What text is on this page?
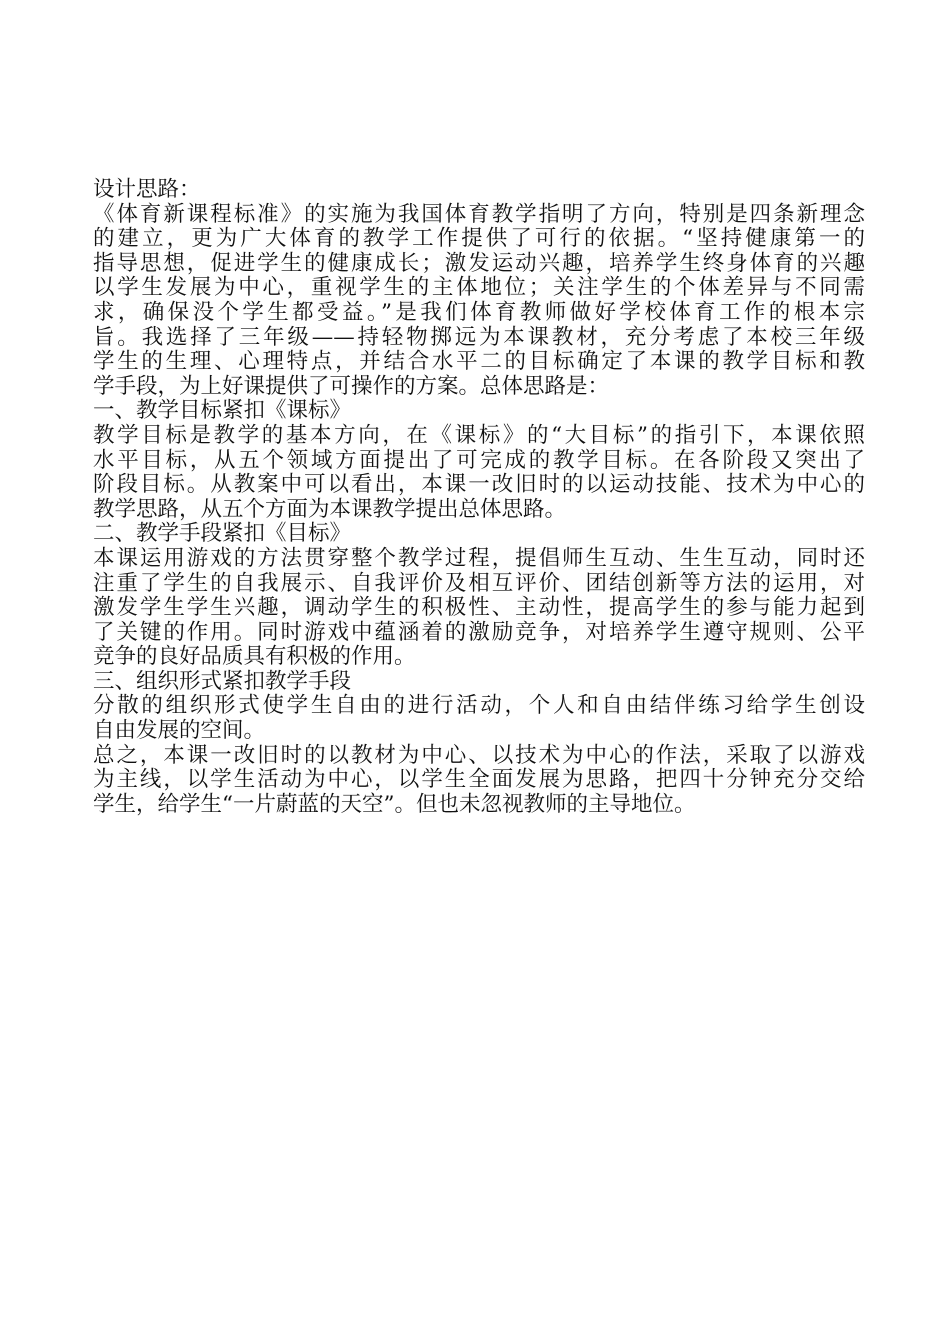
设计思路：
《体育新课程标准》的实施为我国体育教学指明了方向，特别是四条新理念
的建立，更为广大体育的教学工作提供了可行的依据。“坚持健康第一的
指导思想，促进学生的健康成长；激发运动兴趣，培养学生终身体育的兴趣
以学生发展为中心，重视学生的主体地位；关注学生的个体差异与不同需
求，确保没个学生都受益。”是我们体育教师做好学校体育工作的根本宗
旨。我选择了三年级——持轻物掷远为本课教材，充分考虑了本校三年级
学生的生理、心理特点，并结合水平二的目标确定了本课的教学目标和教
学手段，为上好课提供了可操作的方案。总体思路是：
一、教学目标紧扣《课标》
教学目标是教学的基本方向，在《课标》的“大目标”的指引下，本课依照
水平目标，从五个领域方面提出了可完成的教学目标。在各阶段又突出了
阶段目标。从教案中可以看出，本课一改旧时的以运动技能、技术为中心的
教学思路，从五个方面为本课教学提出总体思路。
二、教学手段紧扣《目标》
本课运用游戏的方法贯穿整个教学过程，提倡师生互动、生生互动，同时还
注重了学生的自我展示、自我评价及相互评价、团结创新等方法的运用，对
激发学生学生兴趣，调动学生的积极性、主动性，提高学生的参与能力起到
了关键的作用。同时游戏中蕴涵着的激励竞争，对培养学生遵守规则、公平
竞争的良好品质具有积极的作用。
三、组织形式紧扣教学手段
分散的组织形式使学生自由的进行活动，个人和自由结伴练习给学生创设
自由发展的空间。
总之，本课一改旧时的以教材为中心、以技术为中心的作法，采取了以游戏
为主线，以学生活动为中心，以学生全面发展为思路，把四十分钟充分交给
学生，给学生“一片蔚蓝的天空”。但也未忽视教师的主导地位。
